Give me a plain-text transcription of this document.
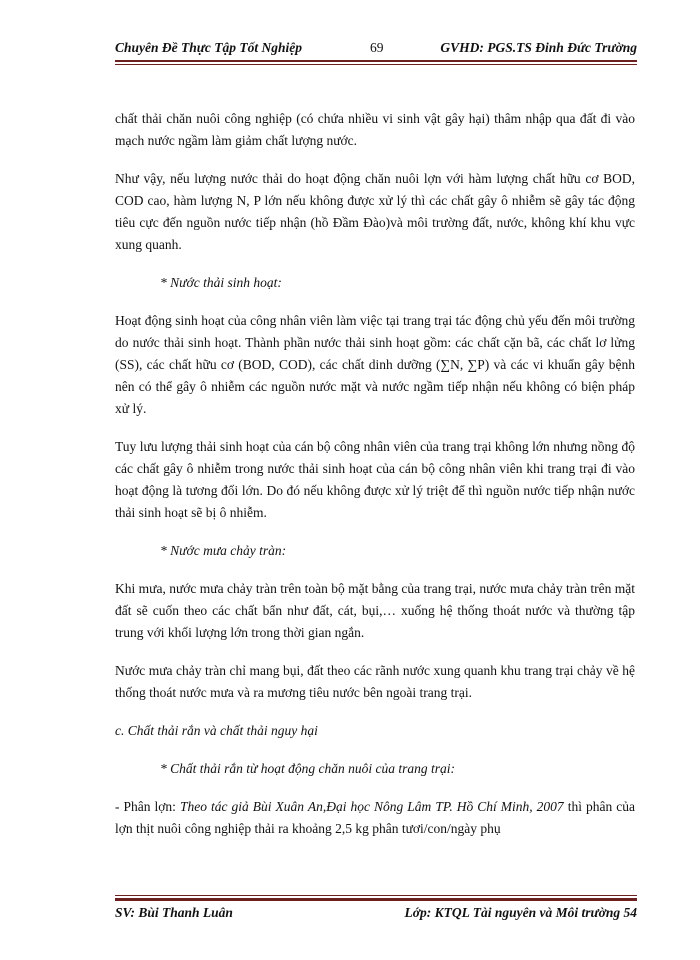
Chuyên Đề Thực Tập Tốt Nghiệp	69	GVHD: PGS.TS Đinh Đức Trường

chất thải chăn nuôi công nghiệp (có chứa nhiều vi sinh vật gây hại) thâm nhập qua đất đi vào mạch nước ngầm làm giảm chất lượng nước.

Như vậy, nếu lượng nước thải do hoạt động chăn nuôi lợn với hàm lượng chất hữu cơ BOD, COD cao, hàm lượng N, P lớn nếu không được xử lý thì các chất gây ô nhiễm sẽ gây tác động tiêu cực đến nguồn nước tiếp nhận (hồ Đầm Đào)và môi trường đất, nước, không khí khu vực xung quanh.

* Nước thải sinh hoạt:

Hoạt động sinh hoạt của công nhân viên làm việc tại trang trại tác động chủ yếu đến môi trường do nước thải sinh hoạt. Thành phần nước thải sinh hoạt gồm: các chất cặn bã, các chất lơ lửng (SS), các chất hữu cơ (BOD, COD), các chất dinh dưỡng (∑N, ∑P) và các vi khuẩn gây bệnh nên có thể gây ô nhiễm các nguồn nước mặt và nước ngầm tiếp nhận nếu không có biện pháp xử lý.

Tuy lưu lượng thải sinh hoạt của cán bộ công nhân viên của trang trại không lớn nhưng nồng độ các chất gây ô nhiễm trong nước thải sinh hoạt của cán bộ công nhân viên khi trang trại đi vào hoạt động là tương đối lớn. Do đó nếu không được xử lý triệt để thì nguồn nước tiếp nhận nước thải sinh hoạt sẽ bị ô nhiễm.

* Nước mưa chảy tràn:

Khi mưa, nước mưa chảy tràn trên toàn bộ mặt bằng của trang trại, nước mưa chảy tràn trên mặt đất sẽ cuốn theo các chất bẩn như đất, cát, bụi,… xuống hệ thống thoát nước và thường tập trung với khối lượng lớn trong thời gian ngắn.

Nước mưa chảy tràn chỉ mang bụi, đất theo các rãnh nước xung quanh khu trang trại chảy về hệ thống thoát nước mưa và ra mương tiêu nước bên ngoài trang trại.

c. Chất thải rắn và chất thải nguy hại

* Chất thải rắn từ hoạt động chăn nuôi của trang trại:

- Phân lợn: Theo tác giả Bùi Xuân An,Đại học Nông Lâm TP. Hồ Chí Minh, 2007 thì phân của lợn thịt nuôi công nghiệp thải ra khoảng 2,5 kg phân tươi/con/ngày phụ

SV: Bùi Thanh Luân	Lớp: KTQL Tài nguyên và Môi trường 54
